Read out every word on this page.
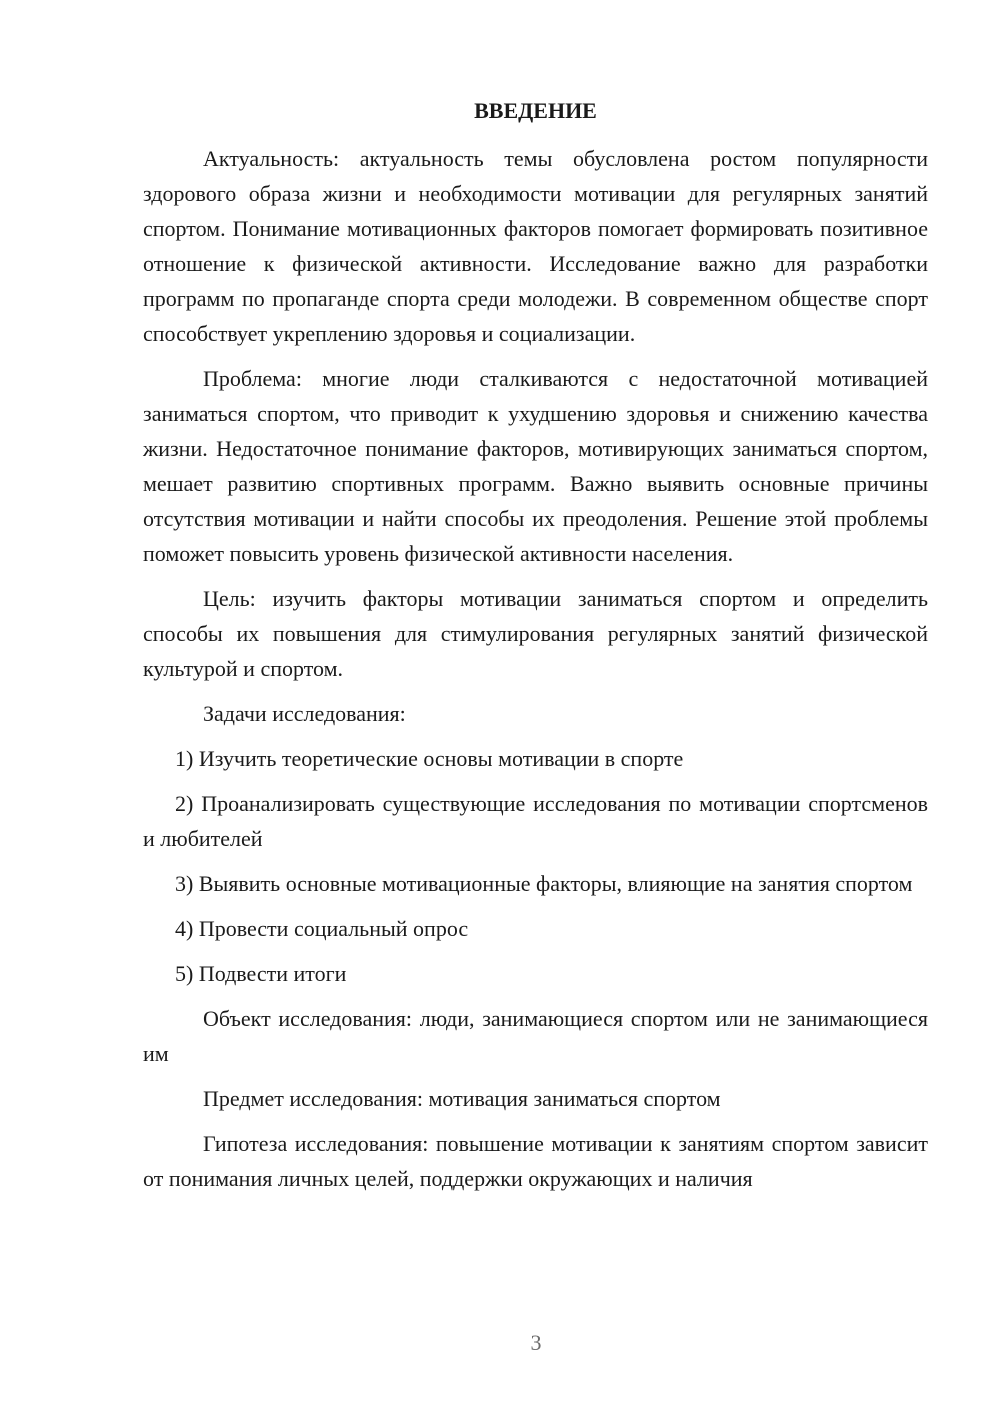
ВВЕДЕНИЕ

Актуальность: актуальность темы обусловлена ростом популярности здорового образа жизни и необходимости мотивации для регулярных занятий спортом. Понимание мотивационных факторов помогает формировать позитивное отношение к физической активности. Исследование важно для разработки программ по пропаганде спорта среди молодежи. В современном обществе спорт способствует укреплению здоровья и социализации.

Проблема: многие люди сталкиваются с недостаточной мотивацией заниматься спортом, что приводит к ухудшению здоровья и снижению качества жизни. Недостаточное понимание факторов, мотивирующих заниматься спортом, мешает развитию спортивных программ. Важно выявить основные причины отсутствия мотивации и найти способы их преодоления. Решение этой проблемы поможет повысить уровень физической активности населения.

Цель: изучить факторы мотивации заниматься спортом и определить способы их повышения для стимулирования регулярных занятий физической культурой и спортом.

Задачи исследования:

1) Изучить теоретические основы мотивации в спорте

2) Проанализировать существующие исследования по мотивации спортсменов и любителей

3) Выявить основные мотивационные факторы, влияющие на занятия спортом

4) Провести социальный опрос

5) Подвести итоги

Объект исследования: люди, занимающиеся спортом или не занимающиеся им

Предмет исследования: мотивация заниматься спортом

Гипотеза исследования: повышение мотивации к занятиям спортом зависит от понимания личных целей, поддержки окружающих и наличия

3
